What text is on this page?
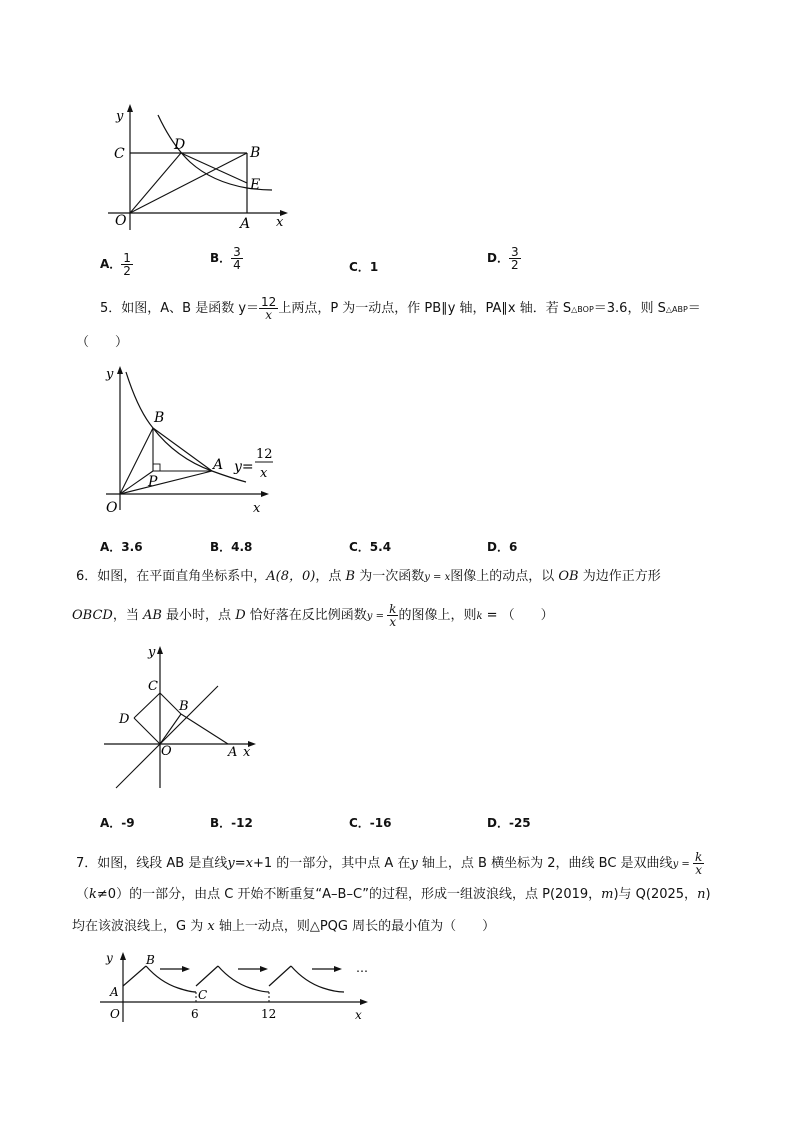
y
x
O
C
D	B
E
A
A． $\frac{1}{2}$	B． $\frac{3}{4}$	C．1
D． $\frac{3}{2}$
5．如图，A、B 是函数 $y= \frac{12}{x}$ 上两点，P 为一动点，作 PB∥y 轴，PA∥x 轴．若 S△BOP＝3.6，则 S△ABP＝
（　　）
y
x
O
B
A
P
y=
12
x
A．3.6	B．4.8	C．5.4	D．6
6．如图，在平面直角坐标系中，A(8，0)，点 B 为一次函数y = x图像上的动点，以 OB 为边作正方形
OBCD，当 AB 最小时，点 D 恰好落在反比例函数$y = \frac{k}{x}$ 的图像上，则k = （　　）
y
x
O
C
D
B
A
A．-9	B．-12	C．-16	D．-25
7．如图，线段 AB 是直线y=x+1 的一部分，其中点 A 在y 轴上，点 B 横坐标为 2，曲线 BC 是双曲线$y = \frac{k}{x}$
（k≠0）的一部分，由点 C 开始不断重复“A–B–C”的过程，形成一组波浪线，点 P(2019，m)与 Q(2025，n)
均在该波浪线上，G 为 x 轴上一动点，则△PQG 周长的最小值为（　　）
y
x
O
A
B
C
6	12
…
